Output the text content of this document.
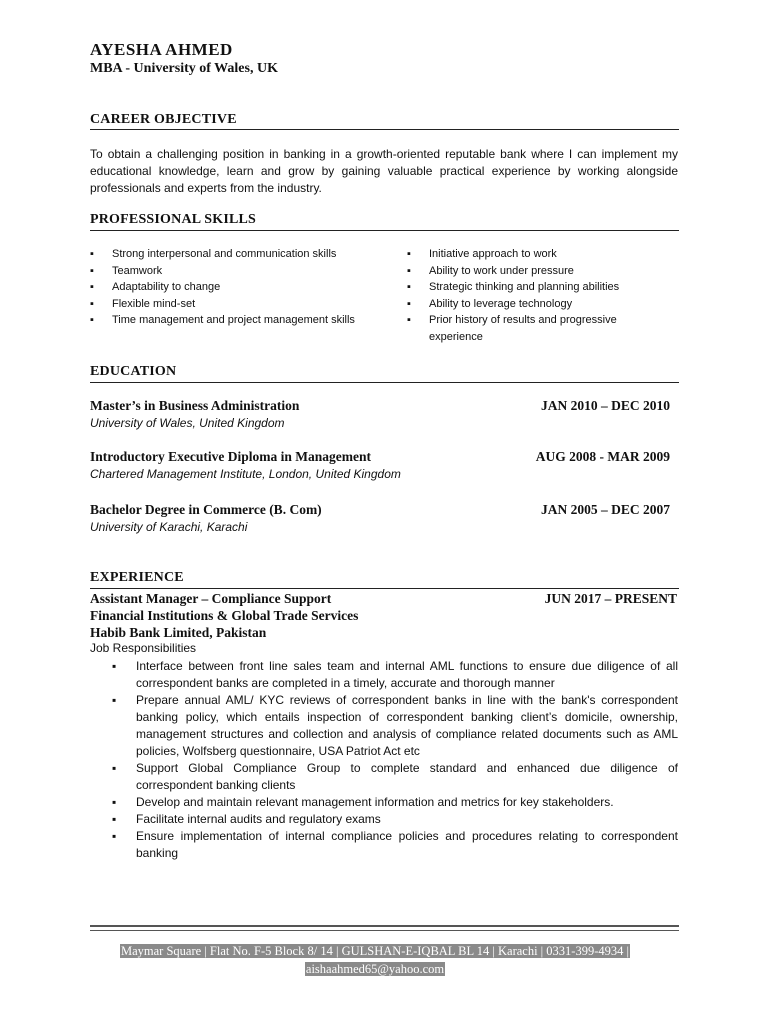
AYESHA AHMED
MBA - University of Wales, UK
CAREER OBJECTIVE
To obtain a challenging position in banking in a growth-oriented reputable bank where I can implement my educational knowledge, learn and grow by gaining valuable practical experience by working alongside professionals and experts from the industry.
PROFESSIONAL SKILLS
▪ Strong interpersonal and communication skills
▪ Teamwork
▪ Adaptability to change
▪ Flexible mind-set
▪ Time management and project management skills
▪ Initiative approach to work
▪ Ability to work under pressure
▪ Strategic thinking and planning abilities
▪ Ability to leverage technology
▪ Prior history of results and progressive experience
EDUCATION
Master’s in Business Administration	JAN 2010 – DEC 2010
University of Wales, United Kingdom
Introductory Executive Diploma in Management	AUG 2008 - MAR 2009
Chartered Management Institute, London, United Kingdom
Bachelor Degree in Commerce (B. Com)	JAN 2005 – DEC 2007
University of Karachi, Karachi
EXPERIENCE
Assistant Manager – Compliance Support	JUN 2017 – PRESENT
Financial Institutions & Global Trade Services
Habib Bank Limited, Pakistan
Job Responsibilities
▪ Interface between front line sales team and internal AML functions to ensure due diligence of all correspondent banks are completed in a timely, accurate and thorough manner
▪ Prepare annual AML/ KYC reviews of correspondent banks in line with the bank's correspondent banking policy, which entails inspection of correspondent banking client’s domicile, ownership, management structures and collection and analysis of compliance related documents such as AML policies, Wolfsberg questionnaire, USA Patriot Act etc
▪ Support Global Compliance Group to complete standard and enhanced due diligence of correspondent banking clients
▪ Develop and maintain relevant management information and metrics for key stakeholders.
▪ Facilitate internal audits and regulatory exams
▪ Ensure implementation of internal compliance policies and procedures relating to correspondent banking
Maymar Square | Flat No. F-5 Block 8/ 14 | GULSHAN-E-IQBAL BL 14 | Karachi | 0331-399-4934 |
aishaahmed65@yahoo.com
